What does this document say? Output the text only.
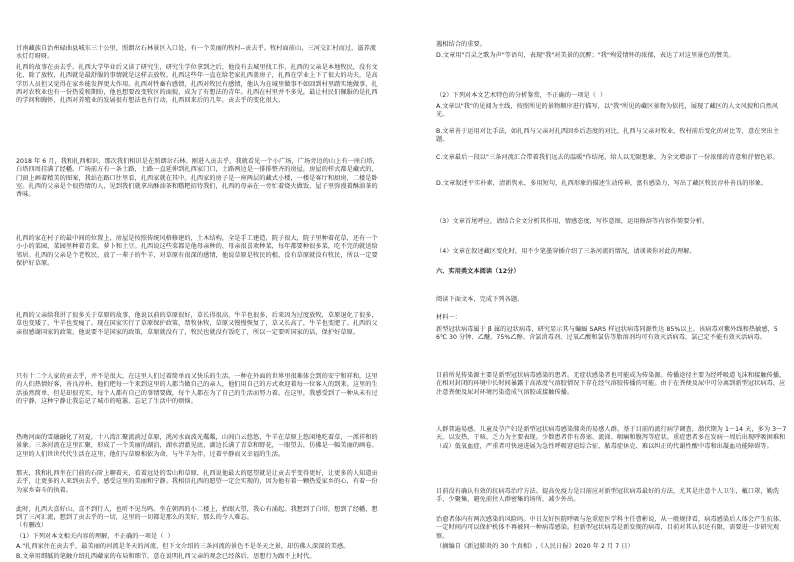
甘南藏族自治州碌曲县城东三十公里，照朗岔石林景区入口处，有一个美丽的牧村--贡去乎。牧村面前山，三河交汇村而过，滋养流水灯灯呀呀。

扎西的故事在贡去乎。扎西大学毕业后又读了研究生，研究生学位拿到之后，他没有去城里找工作，扎西的父亲是本地牧民，没有文化，除了放牧，扎西就是最舒服的事情就是这样去放牧。扎西这些年一直在给老家扎西盖房子，扎西在学业上下了很大的功夫，是高学历人员但又觉得在家乡能发挥更大作用。扎西对牲畜有感情，扎西对牧民有感情，他认为在城里做事不如回到村里踏实地做事，扎西对农牧业也有一份热爱和期盼，他也想要改变牧区的面貌，成为了有想法的青年。扎西在村里并不多见，最让村民们佩服的是扎西的学问和胸怀，扎西对养殖业的发展很有想法也有行动，扎西回来后的几年，贡去乎的变化很大。

2018 年 6 月，我和扎西相识，那次我们相识是在照朗岔石林。刚进入贡去乎，我就看见一个小广场，广场旁边的山上有一座白塔，白塔四周挂满了经幡。广场前方有一条土路，土路一直延伸到扎西家门口，土路两边是一排排整齐的房屋，房屋的样式都是藏式的，门窗上画着精美的图案，我站在路口往里看，扎西家就在其中。扎西家的房子是一座两层的藏式小楼，一楼是客厅和厨房，二楼是卧室。扎西的父亲是个很热情的人，见到我们就拿出酥油茶和糌粑招待我们，扎西的母亲在一旁忙着烧火做饭，屋子里弥漫着酥油茶的香味。

扎西的家在村子的最中间的位置上，房屋是按照传统风格修建的，土木结构，全是手工建造，院子很大，院子里种着花草，还有一个小小的菜园，菜园里种着青菜、萝卜和土豆。扎西说这些菜都是他母亲种的，母亲很喜欢种菜，每年都要种很多菜，吃不完的就送给邻居。扎西的父亲是个老牧民，放了一辈子的牛羊，对草原有很深的感情，他说草原是牧民的根，没有草原就没有牧民，所以一定要保护好草原。

扎西的父亲给我讲了很多关于草原的故事，他说以前的草原很好，草长得很高，牛羊也很多，后来因为过度放牧，草原退化了很多，草也变矮了，牛羊也变瘦了。现在国家实行了草原保护政策，禁牧休牧，草原又慢慢恢复了，草又长高了，牛羊也变肥了。扎西的父亲很感谢国家的政策，他说要不是国家的政策，草原就没有了，牧民也就没有饭吃了，所以一定要听国家的话，保护好草原。

只有十二个人家的贡去乎，并不是很大，在这里人们过着简单而又快乐的生活。一种在外面的世界里很难体会到的安宁和祥和，这里的人们热情好客，善良淳朴，他们把每一个来到这里的人都当做自己的亲人，他们用自己的方式欢迎着每一位客人的到来。这里的生活虽然简单，但是却很充实，每个人都有自己的事情要做，每个人都在为了自己的生活而努力着。在这里，我感受到了一种从未有过的宁静，这种宁静让我忘记了城市的喧嚣，忘记了生活中的烦恼。

热吻河面的雪融融化了初夏，十八湾汇聚流淌过草原，洮河水面波光粼粼，山间白云悠悠，牛羊在草原上悠闲地吃着草，一派祥和的景象。三条河流在这里汇聚，形成了一个美丽的湖泊，湖水清澈见底，湖边长满了青草和野花，一眼望去，仿佛是一幅美丽的画卷。这里的人们世世代代生活在这里，他们与草原相依为命，与牛羊为伴，过着平静而又幸福的生活。

那天，我和扎西坐在门前的石阶上聊着天，看着远处的雪山和草原，扎西说他最大的愿望就是让贡去乎变得更好，让更多的人知道贡去乎，让更多的人来到贡去乎，感受这里的美丽和宁静。我相信扎西的愿望一定会实现的，因为他有着一颗热爱家乡的心，有着一份为家乡奋斗的执着。

此时，扎西大喜好山，喜不到行人，也听不见鸟鸣。坐在朝西的小二楼上，抬眼大望，我心有涌起。我想到了白塔，想到了经幡，想到了三河汇流，想到了贡去乎的一切，这里的一切都是那么的美好，那么的令人难忘。

（有删改）

（1）下列对本文相关内容的理解，不正确的一项是（  ）

A."扎西家住在贡去乎，最美丽的河流是冬天的河流，但下文介绍的三条河流的景色不是冬天之景，却仿佛人深深的美感。

B.文章用细腻的笔触介绍扎西藏家的布局和细节，意在说明扎西父亲的观念已经落后，思想行为跟不上时代。

遇相结合的重要。

D.文章用"百灵之歌为声"等语句，表现"我"对美景的沉醉；"我"殉爱情怀的浓郁，表达了对这里景色的赞美。

（2）下列对本文艺术特色的分析鉴赏，不正确的一项是（  ）

A.文章以"我"的见闻为主线，按照所见的景物顺序进行描写，以"我"所见的藏区景物为依托，展现了藏区的人文风貌和自然风光。

B.文章善于运用对比手法，如扎西与父亲对扎西回乡后态度的对比，扎西与父亲对牧业、牧村前后变化的对比等，意在突出主题。

C.文章最后一段以"三条河流汇合带着我们远去的温暖"作结尾，给人以无限想象，为全文增添了一份浓郁的诗意和抒情色彩。

D.文章叙述平实朴素，清新隽永，多用短句，扎西形象的描述生动传神，富有感染力，写出了藏区牧民淳朴善良的形象。

（3）文章首尾呼应，请结合全文分析其作用，情感态度，写作意图，运用修辞等内容作简要分析。

（4）文章在叙述藏区变化时，用不少笔墨穿插介绍了三条河流的情况，请谈谈你对此的理解。

六、实用类文本阅读（12分）

阅读下面文本，完成下列各题。

材料一：

新型冠状病毒属于 β 属的冠状病毒，研究显示其与蝙蝠 SARS 样冠状病毒同源性达 85%以上。该病毒对紫外线和热敏感，56℃ 30 分钟、乙醚、75%乙醇、含氯消毒剂、过氧乙酸和氯仿等脂溶剂均可有效灭活病毒，氯己定不能有效灭活病毒。

目前所见传染源主要是新型冠状病毒感染的患者。无症状感染者也可能成为传染源。传播途径主要为经呼吸道飞沫和接触传播，在相对封闭的环境中长时间暴露于高浓度气溶胶情况下存在经气溶胶传播的可能。由于在粪便及尿中可分离到新型冠状病毒，应注意粪便及尿对环境污染造成气溶胶或接触传播。

人群普遍易感。儿童及孕产妇是新型冠状病毒感染肺炎的易感人群。基于目前的流行病学调查，潜伏期为 1～14 天，多为 3～7 天。以发热、干咳、乏力为主要表现。少数患者伴有鼻塞、流涕、咽痛和腹泻等症状。重症患者多在发病一周后出现呼吸困难和（或）低氧血症，严重者可快速进展为急性呼吸窘迫综合征、脓毒症休克、难以纠正的代谢性酸中毒和出凝血功能障碍等。

目前没有确认有效的抗病毒治疗方法。提高免疫力是目前应对新型冠状病毒最好的方法，尤其是注意个人卫生，戴口罩，勤洗手，少聚集，避免前往人群密集的场所，减少外出。

治愈者体内有两次感染的风险吗。中日友好医院呼吸与危重症医学科主任曹彬说，从一般规律看，病毒感染后人体会产生抗体，一定时间内可以保护机体不再被同一种病毒感染。但新型冠状病毒是新发现的病毒，目前对其认识还有限，需要进一步研究观察。

（摘编自《新冠肺炎的 30 个真相》,《人民日报》2020 年 2 月 7 日）
